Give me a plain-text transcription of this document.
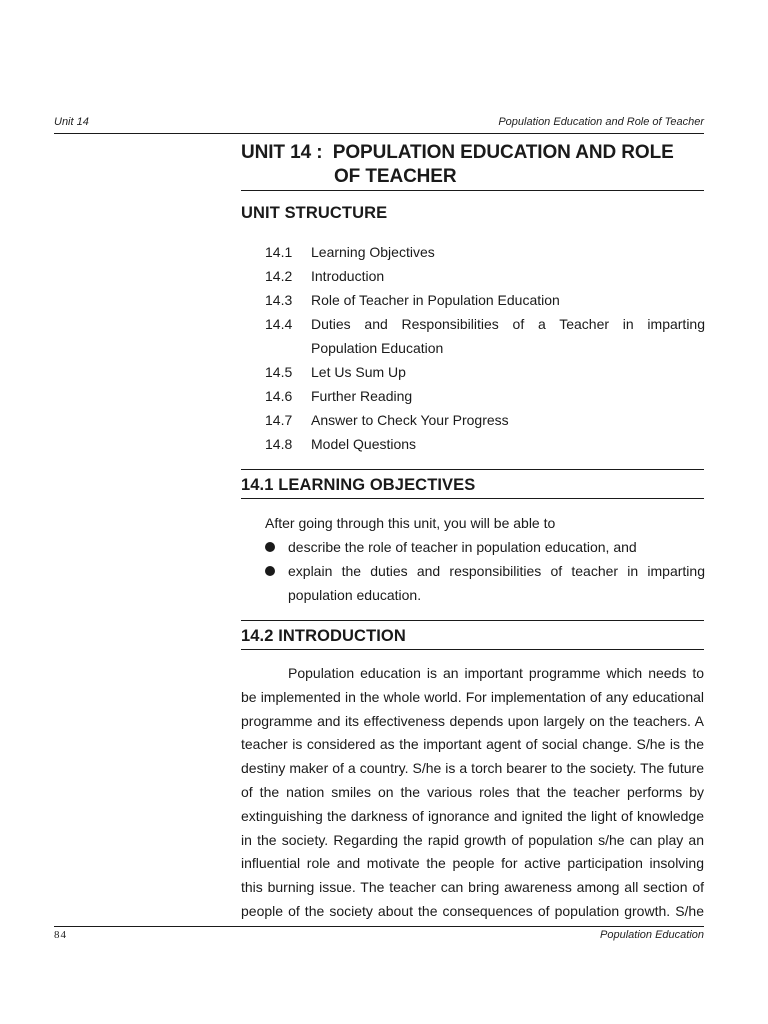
Unit 14	Population Education and Role of Teacher
UNIT 14 :  POPULATION EDUCATION AND ROLE
OF TEACHER
UNIT STRUCTURE
14.1 Learning Objectives
14.2 Introduction
14.3 Role of Teacher in Population Education
14.4 Duties and Responsibilities of a Teacher in imparting Population Education
14.5 Let Us Sum Up
14.6 Further Reading
14.7 Answer to Check Your Progress
14.8 Model Questions
14.1 LEARNING OBJECTIVES
After going through this unit, you will be able to
describe the role of teacher in population education, and
explain the duties and responsibilities of teacher in imparting population education.
14.2 INTRODUCTION
Population education is an important programme which needs to
be implemented in the whole world. For implementation of any educational
programme and its effectiveness depends upon largely on the teachers. A
teacher is considered as the important agent of social change. S/he is the
destiny maker of a country. S/he is a torch bearer to the society. The future
of the nation smiles on the various roles that the teacher performs by
extinguishing the darkness of ignorance and ignited the light of knowledge
in the society. Regarding the rapid growth of population s/he can play an
influential role and motivate the people for active participation insolving
this burning issue. The teacher can bring awareness among all section of
people of the society about the consequences of population growth. S/he
84	Population Education
